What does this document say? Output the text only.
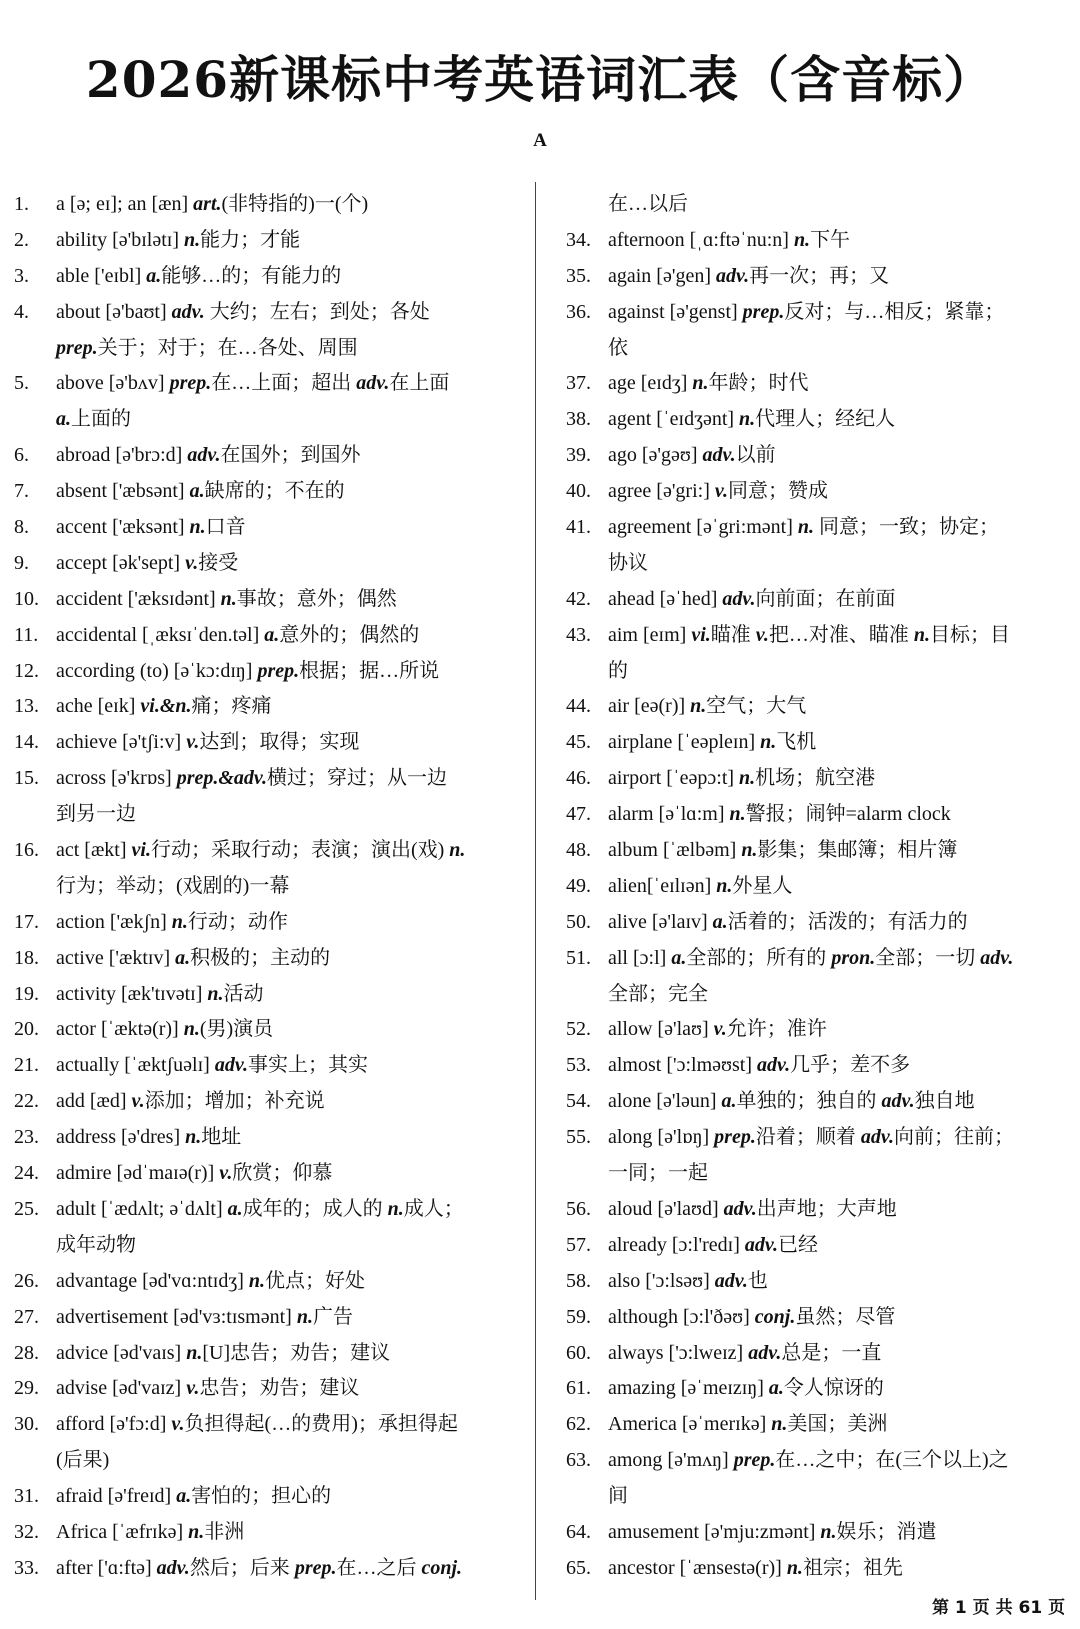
2026新课标中考英语词汇表（含音标）
A
1. a [ə; eɪ]; an [æn] art.(非特指的)一(个)
2. ability [ə'bɪlətɪ] n.能力；才能
3. able ['eɪbl] a.能够…的；有能力的
4. about [ə'baʊt] adv. 大约；左右；到处；各处
prep.关于；对于；在…各处、周围
5. above [ə'bʌv] prep.在…上面；超出 adv.在上面
a.上面的
6. abroad [ə'brɔ:d] adv.在国外；到国外
7. absent ['æbsənt] a.缺席的；不在的
8. accent ['æksənt] n.口音
9. accept [ək'sept] v.接受
10. accident ['æksɪdənt] n.事故；意外；偶然
11. accidental [ˌæksɪˈden.təl] a.意外的；偶然的
12. according (to) [əˈkɔ:dɪŋ] prep.根据；据…所说
13. ache [eɪk] vi.&n.痛；疼痛
14. achieve [ə'tʃi:v] v.达到；取得；实现
15. across [ə'krɒs] prep.&adv.横过；穿过；从一边
到另一边
16. act [ækt] vi.行动；采取行动；表演；演出(戏) n.
行为；举动；(戏剧的)一幕
17. action ['ækʃn] n.行动；动作
18. active ['æktɪv] a.积极的；主动的
19. activity [æk'tɪvətɪ] n.活动
20. actor [ˈæktə(r)] n.(男)演员
21. actually [ˈæktʃuəlɪ] adv.事实上；其实
22. add [æd] v.添加；增加；补充说
23. address [ə'dres] n.地址
24. admire [ədˈmaɪə(r)] v.欣赏；仰慕
25. adult [ˈædʌlt; əˈdʌlt] a.成年的；成人的 n.成人；
成年动物
26. advantage [əd'vɑ:ntɪdʒ] n.优点；好处
27. advertisement [əd'vɜ:tɪsmənt] n.广告
28. advice [əd'vaɪs] n.[U]忠告；劝告；建议
29. advise [əd'vaɪz] v.忠告；劝告；建议
30. afford [ə'fɔ:d] v.负担得起(…的费用)；承担得起
(后果)
31. afraid [ə'freɪd] a.害怕的；担心的
32. Africa [ˈæfrɪkə] n.非洲
33. after ['ɑ:ftə] adv.然后；后来 prep.在…之后 conj.
在…以后
34. afternoon [ˌɑ:ftəˈnu:n] n.下午
35. again [ə'gen] adv.再一次；再；又
36. against [ə'genst] prep.反对；与…相反；紧靠；
依
37. age [eɪdʒ] n.年龄；时代
38. agent [ˈeɪdʒənt] n.代理人；经纪人
39. ago [ə'gəʊ] adv.以前
40. agree [ə'gri:] v.同意；赞成
41. agreement [əˈgri:mənt] n. 同意；一致；协定；
协议
42. ahead [əˈhed] adv.向前面；在前面
43. aim [eɪm] vi.瞄准 v.把…对准、瞄准 n.目标；目
的
44. air [eə(r)] n.空气；大气
45. airplane [ˈeəpleɪn] n.飞机
46. airport [ˈeəpɔ:t] n.机场；航空港
47. alarm [əˈlɑ:m] n.警报；闹钟=alarm clock
48. album [ˈælbəm] n.影集；集邮簿；相片簿
49. alien[ˈeɪlɪən] n.外星人
50. alive [ə'laɪv] a.活着的；活泼的；有活力的
51. all [ɔ:l] a.全部的；所有的 pron.全部；一切 adv.
全部；完全
52. allow [ə'laʊ] v.允许；准许
53. almost ['ɔ:lməʊst] adv.几乎；差不多
54. alone [ə'ləun] a.单独的；独自的 adv.独自地
55. along [ə'lɒŋ] prep.沿着；顺着 adv.向前；往前；
一同；一起
56. aloud [ə'laʊd] adv.出声地；大声地
57. already [ɔ:l'redɪ] adv.已经
58. also ['ɔ:lsəʊ] adv.也
59. although [ɔ:l'ðəʊ] conj.虽然；尽管
60. always ['ɔ:lweɪz] adv.总是；一直
61. amazing [əˈmeɪzɪŋ] a.令人惊讶的
62. America [əˈmerɪkə] n.美国；美洲
63. among [ə'mʌŋ] prep.在…之中；在(三个以上)之
间
64. amusement [ə'mju:zmənt] n.娱乐；消遣
65. ancestor [ˈænsestə(r)] n.祖宗；祖先
第 1 页 共 61 页
